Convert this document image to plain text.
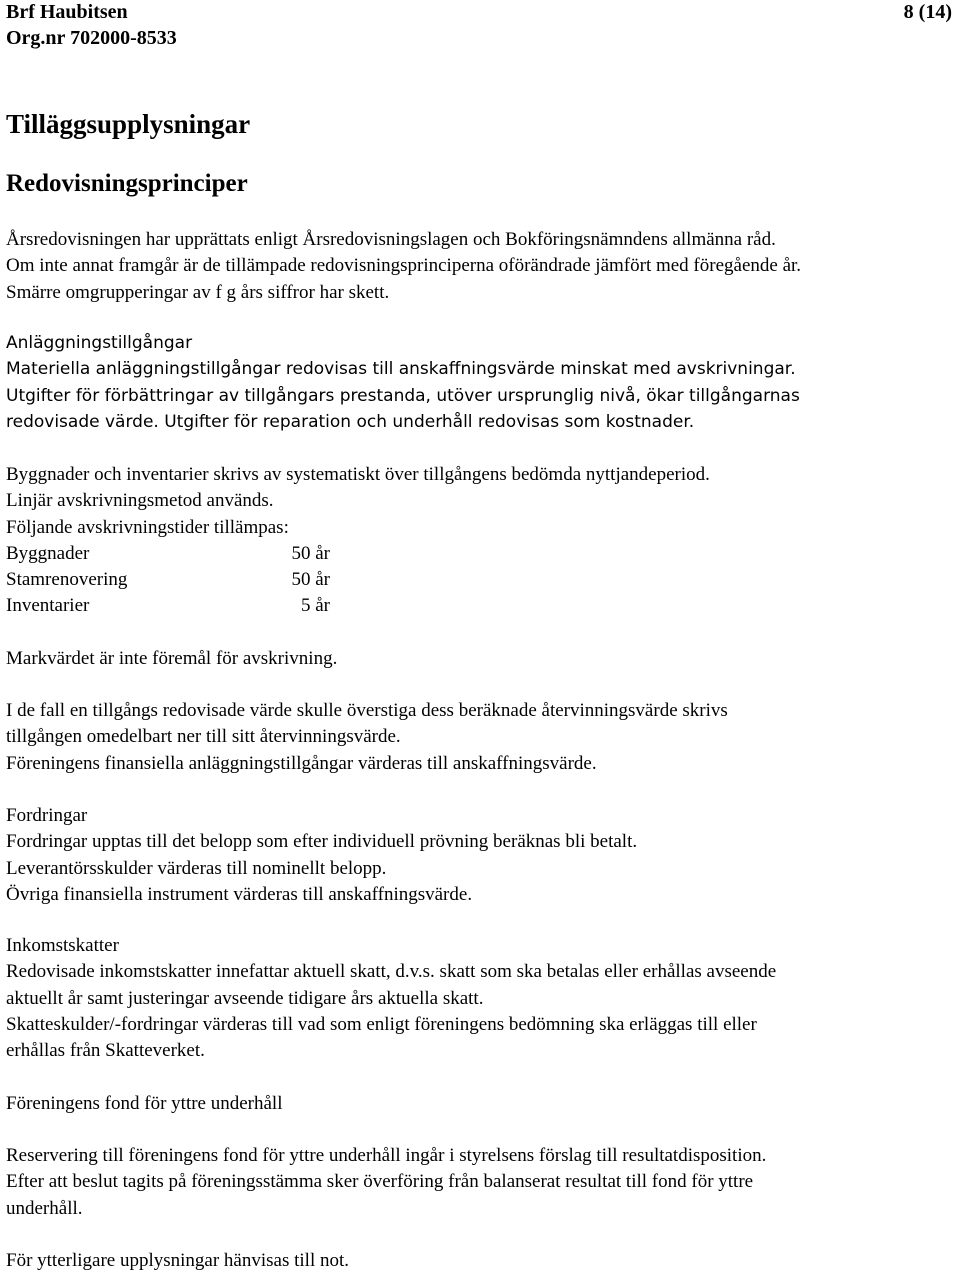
Brf Haubitsen
Org.nr 702000-8533
8 (14)
Tilläggsupplysningar
Redovisningsprinciper
Årsredovisningen har upprättats enligt Årsredovisningslagen och Bokföringsnämndens allmänna råd.
Om inte annat framgår är de tillämpade redovisningsprinciperna oförändrade jämfört med föregående år.
Smärre omgrupperingar av f g års siffror har skett.
Anläggningstillgångar
Materiella anläggningstillgångar redovisas till anskaffningsvärde minskat med avskrivningar.
Utgifter för förbättringar av tillgångars prestanda, utöver ursprunglig nivå, ökar tillgångarnas
redovisade värde. Utgifter för reparation och underhåll redovisas som kostnader.
Byggnader och inventarier skrivs av systematiskt över tillgångens bedömda nyttjandeperiod.
Linjär avskrivningsmetod används.
Följande avskrivningstider tillämpas:
Byggnader	50 år
Stamrenovering	50 år
Inventarier	5 år
Markvärdet är inte föremål för avskrivning.
I de fall en tillgångs redovisade värde skulle överstiga dess beräknade återvinningsvärde skrivs
tillgången omedelbart ner till sitt återvinningsvärde.
Föreningens finansiella anläggningstillgångar värderas till anskaffningsvärde.
Fordringar
Fordringar upptas till det belopp som efter individuell prövning beräknas bli betalt.
Leverantörsskulder värderas till nominellt belopp.
Övriga finansiella instrument värderas till anskaffningsvärde.
Inkomstskatter
Redovisade inkomstskatter innefattar aktuell skatt, d.v.s. skatt som ska betalas eller erhållas avseende
aktuellt år samt justeringar avseende tidigare års aktuella skatt.
Skatteskulder/-fordringar värderas till vad som enligt föreningens bedömning ska erläggas till eller
erhållas från Skatteverket.
Föreningens fond för yttre underhåll
Reservering till föreningens fond för yttre underhåll ingår i styrelsens förslag till resultatdisposition.
Efter att beslut tagits på föreningsstämma sker överföring från balanserat resultat till fond för yttre
underhåll.
För ytterligare upplysningar hänvisas till not.
